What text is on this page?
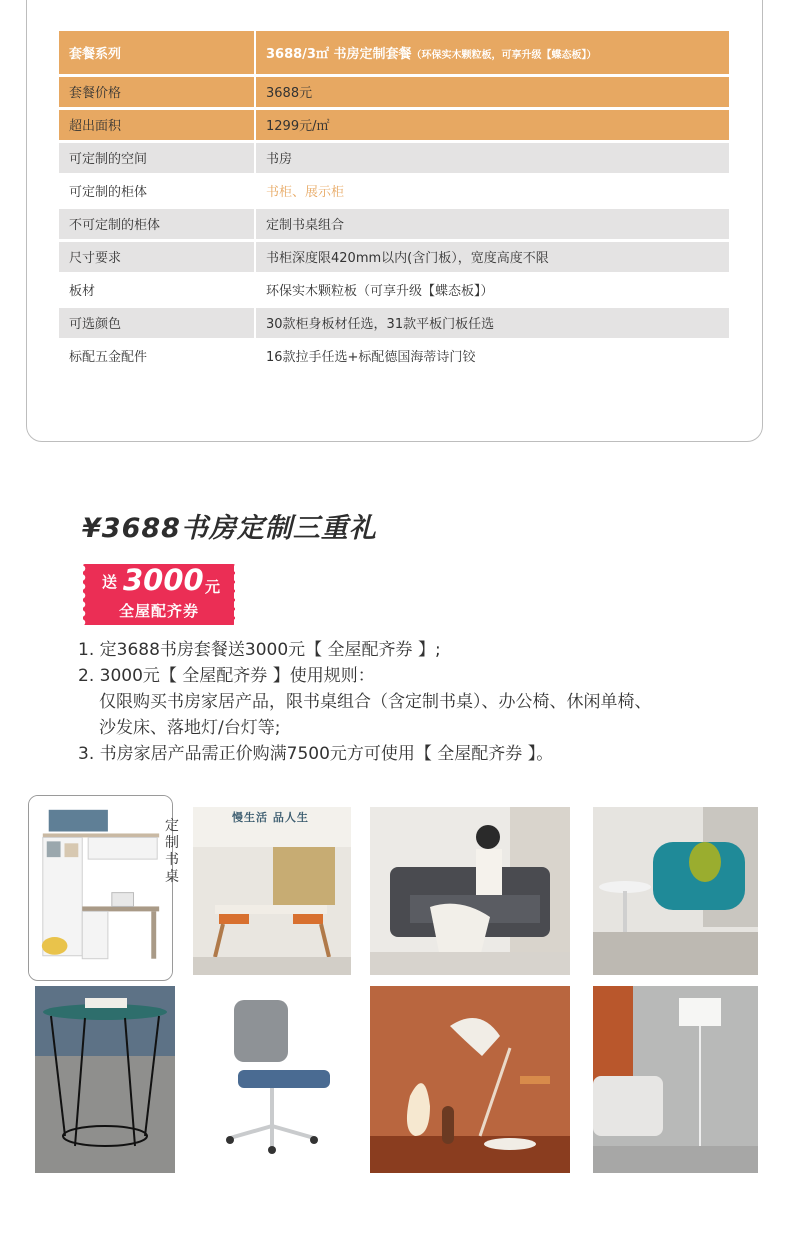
套餐系列	3688/3㎡ 书房定制套餐（环保实木颗粒板，可享升级【蝶态板】）
套餐价格	3688元
超出面积	1299元/㎡
可定制的空间	书房
可定制的柜体	书柜、展示柜
不可定制的柜体	定制书桌组合
尺寸要求	书柜深度限420mm以内(含门板），宽度高度不限
板材	环保实木颗粒板（可享升级【蝶态板】）
可选颜色	30款柜身板材任选，31款平板门板任选
标配五金配件	16款拉手任选+标配德国海蒂诗门铰
¥3688书房定制三重礼
送 3000 元
全屋配齐券
1. 定3688书房套餐送3000元【 全屋配齐券 】;
2. 3000元【 全屋配齐券 】使用规则：
仅限购买书房家居产品，限书桌组合（含定制书桌）、办公椅、休闲单椅、
沙发床、落地灯/台灯等;
3. 书房家居产品需正价购满7500元方可使用【 全屋配齐券 】。
定制书桌
慢生活 品人生
